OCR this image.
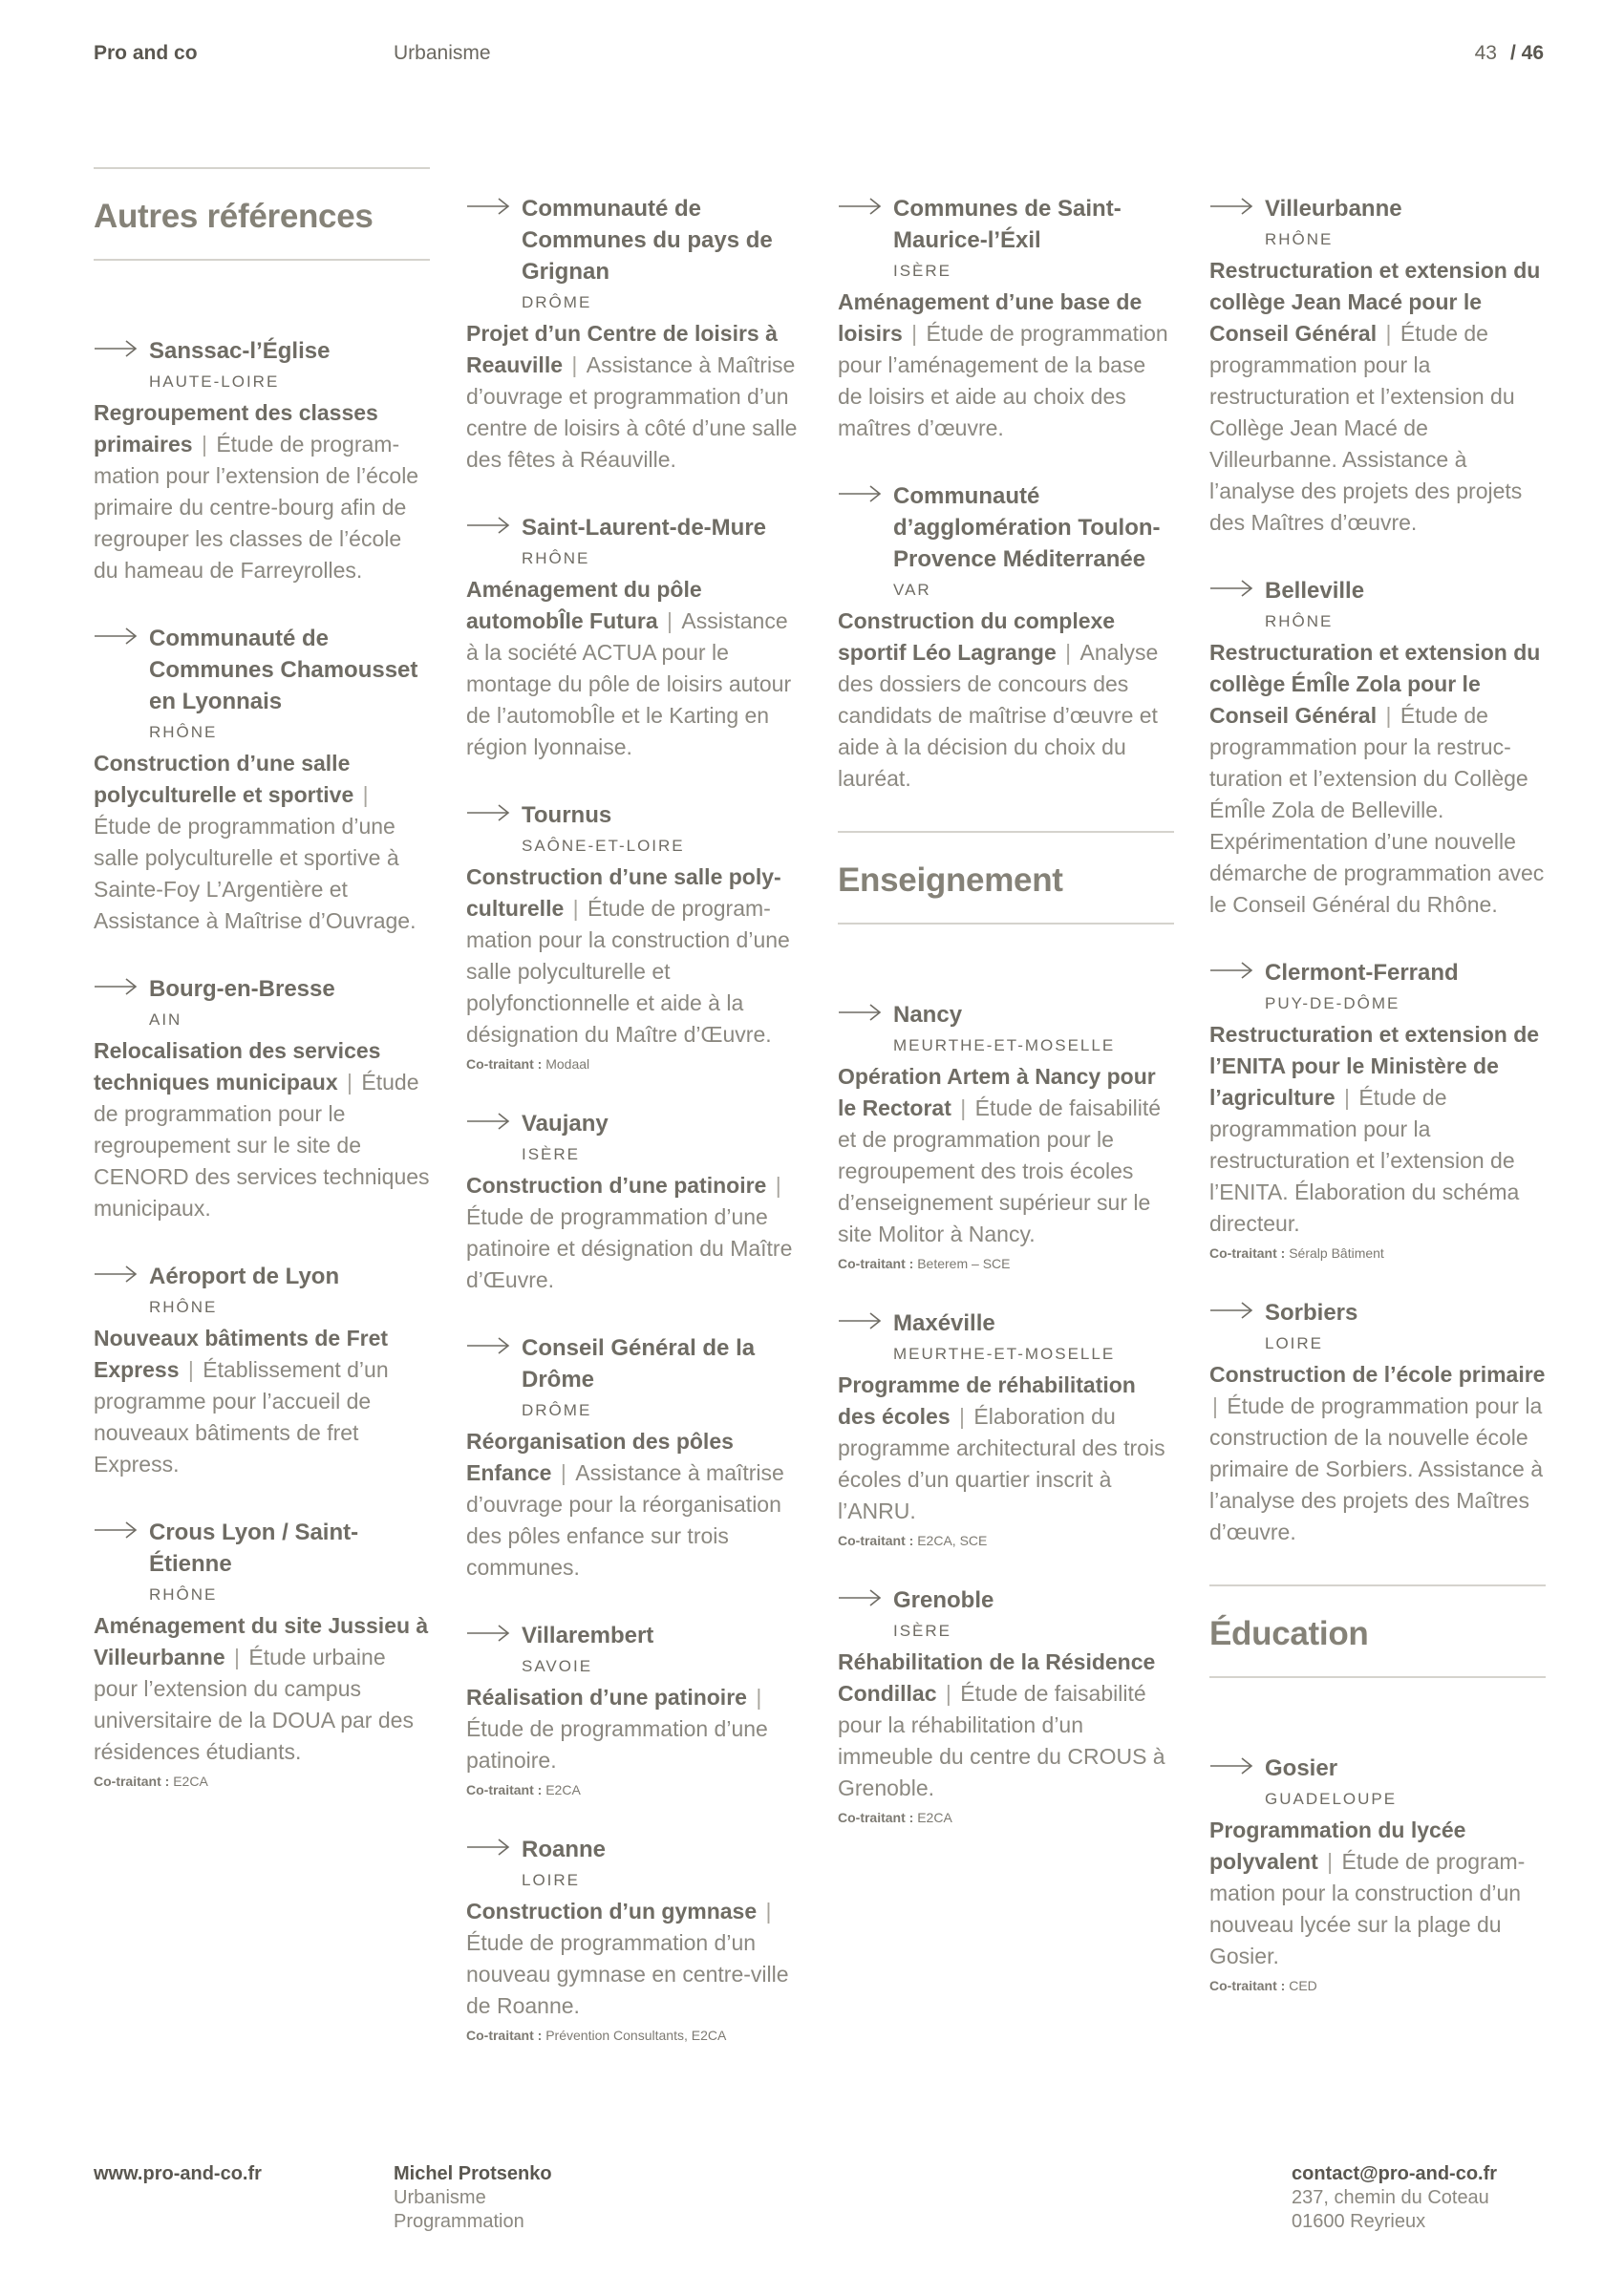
Pro and co	Urbanisme	43 / 46
Autres références
Sanssac-l’Église
HAUTE-LOIRE
Regroupement des classes primaires | Étude de programmation pour l’extension de l’école primaire du centre-bourg afin de regrouper les classes de l’école du hameau de Farreyrolles.
Communauté de Communes Chamousset en Lyonnais
RHÔNE
Construction d’une salle polyculturelle et sportive | Étude de programmation d’une salle polyculturelle et sportive à Sainte-Foy L’Argentière et Assistance à Maîtrise d’Ouvrage.
Bourg-en-Bresse
AIN
Relocalisation des services techniques municipaux | Étude de programmation pour le regroupement sur le site de CENORD des services techniques municipaux.
Aéroport de Lyon
RHÔNE
Nouveaux bâtiments de Fret Express | Établissement d’un programme pour l’accueil de nouveaux bâtiments de fret Express.
Crous Lyon / Saint-Étienne
RHÔNE
Aménagement du site Jussieu à Villeurbanne | Étude urbaine pour l’extension du campus universitaire de la DOUA par des résidences étudiants.
Co-traitant : E2CA
Communauté de Communes du pays de Grignan
DRÔME
Projet d’un Centre de loisirs à Reauville | Assistance à Maîtrise d’ouvrage et programmation d’un centre de loisirs à côté d’une salle des fêtes à Réauville.
Saint-Laurent-de-Mure
RHÔNE
Aménagement du pôle automobÎle Futura | Assistance à la société ACTUA pour le montage du pôle de loisirs autour de l’automobÎle et le Karting en région lyonnaise.
Tournus
SAÔNE-ET-LOIRE
Construction d’une salle polyculturelle | Étude de programmation pour la construction d’une salle polyculturelle et polyfonctionnelle et aide à la désignation du Maître d’Œuvre.
Co-traitant : Modaal
Vaujany
ISÈRE
Construction d’une patinoire | Étude de programmation d’une patinoire et désignation du Maître d’Œuvre.
Conseil Général de la Drôme
DRÔME
Réorganisation des pôles Enfance | Assistance à maîtrise d’ouvrage pour la réorganisation des pôles enfance sur trois communes.
Villarembert
SAVOIE
Réalisation d’une patinoire | Étude de programmation d’une patinoire.
Co-traitant : E2CA
Roanne
LOIRE
Construction d’un gymnase | Étude de programmation d’un nouveau gymnase en centre-ville de Roanne.
Co-traitant : Prévention Consultants, E2CA
Communes de Saint-Maurice-l’Éxil
ISÈRE
Aménagement d’une base de loisirs | Étude de programmation pour l’aménagement de la base de loisirs et aide au choix des maîtres d’œuvre.
Communauté d’agglomération Toulon-Provence Méditerranée
VAR
Construction du complexe sportif Léo Lagrange | Analyse des dossiers de concours des candidats de maîtrise d’œuvre et aide à la décision du choix du lauréat.
Enseignement
Nancy
MEURTHE-ET-MOSELLE
Opération Artem à Nancy pour le Rectorat | Étude de faisabilité et de programmation pour le regroupement des trois écoles d’enseignement supérieur sur le site Molitor à Nancy.
Co-traitant : Beterem – SCE
Maxéville
MEURTHE-ET-MOSELLE
Programme de réhabilitation des écoles | Élaboration du programme architectural des trois écoles d’un quartier inscrit à l’ANRU.
Co-traitant : E2CA, SCE
Grenoble
ISÈRE
Réhabilitation de la Résidence Condillac | Étude de faisabilité pour la réhabilitation d’un immeuble du centre du CROUS à Grenoble.
Co-traitant : E2CA
Villeurbanne
RHÔNE
Restructuration et extension du collège Jean Macé pour le Conseil Général | Étude de programmation pour la restructuration et l’extension du Collège Jean Macé de Villeurbanne. Assistance à l’analyse des projets des projets des Maîtres d’œuvre.
Belleville
RHÔNE
Restructuration et extension du collège ÉmÎle Zola pour le Conseil Général | Étude de programmation pour la restructuration et l’extension du Collège ÉmÎle Zola de Belleville. Expérimentation d’une nouvelle démarche de programmation avec le Conseil Général du Rhône.
Clermont-Ferrand
PUY-DE-DÔME
Restructuration et extension de l’ENITA pour le Ministère de l’agriculture | Étude de programmation pour la restructuration et l’extension de l’ENITA. Élaboration du schéma directeur.
Co-traitant : Séralp Bâtiment
Sorbiers
LOIRE
Construction de l’école primaire | Étude de programmation pour la construction de la nouvelle école primaire de Sorbiers. Assistance à l’analyse des projets des Maîtres d’œuvre.
Éducation
Gosier
GUADELOUPE
Programmation du lycée polyvalent | Étude de programmation pour la construction d’un nouveau lycée sur la plage du Gosier.
Co-traitant : CED
www.pro-and-co.fr	Michel Protsenko
Urbanisme
Programmation
contact@pro-and-co.fr
237, chemin du Coteau
01600 Reyrieux
